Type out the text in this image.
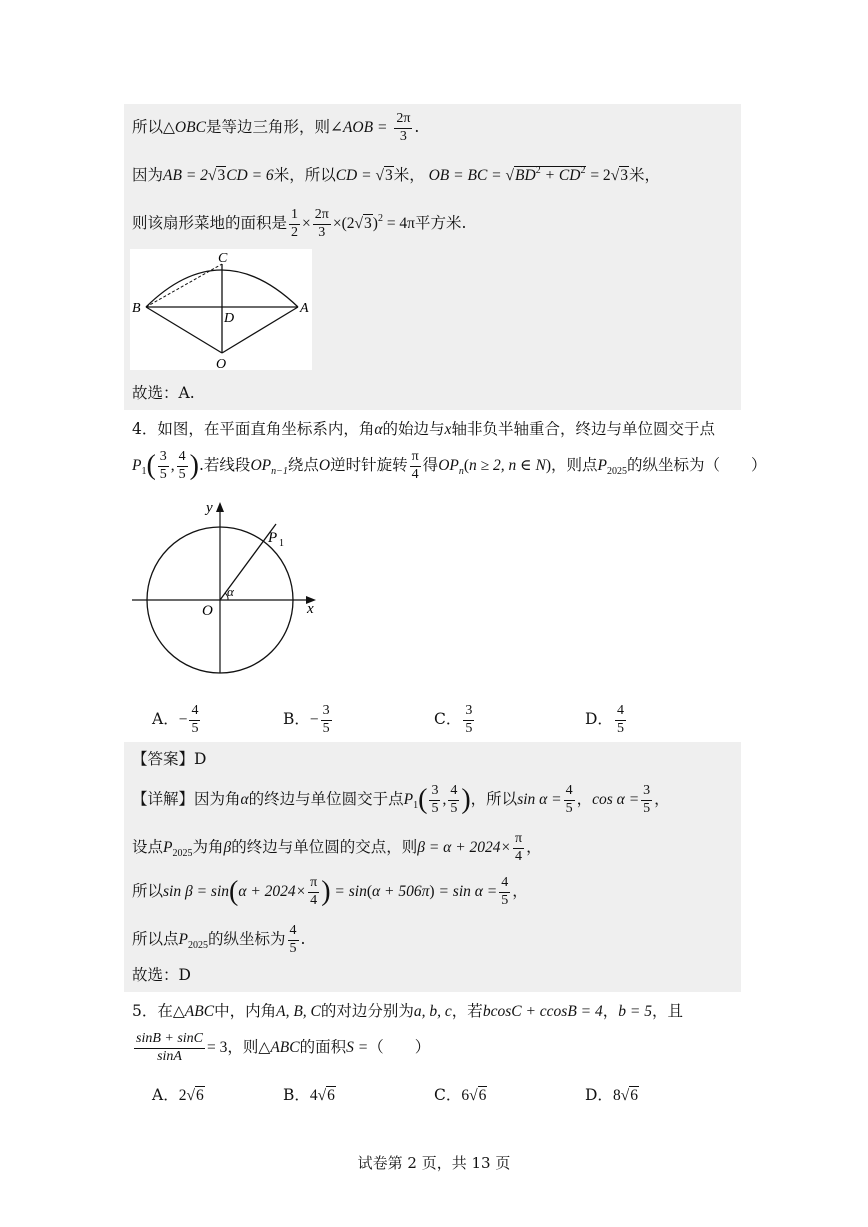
所以△OBC是等边三角形，则∠AOB = $\frac{2\pi}{3}$ .
因为AB = 2√3CD = 6米，所以CD = √3米， OB = BC = $√BD^2 + CD^2 = 2√3$米，
则该扇形菜地的面积是 $\frac{1}{2} \times \frac{2\pi}{3} \times(2√3)^2 = 4\pi$平方米.
C
B	A
D
O
故选：A.
4．如图，在平面直角坐标系内，角α的始边与x轴非负半轴重合，终边与单位圆交于点
$P_1( \frac{3}{5}$ , $\frac{4}{5}$ ).若线段$OP_{n-1}$绕点O逆时针旋转 $\frac{\pi}{4}$ 得$OP_n(n \ge 2$, n ∈ N)，则点$P_{2025}$的纵坐标为（　　）
y
x
O
P 1
α
A．− $\frac{4}{5}$	B．− $\frac{3}{5}$	C． $\frac{3}{5}$	D． $\frac{4}{5}$
【答案】D
【详解】因为角α的终边与单位圆交于点$P_1( \frac{3}{5}$ , $\frac{4}{5}$ )，所以$\sin \alpha = \frac{4}{5}$ ，$\cos \alpha = \frac{3}{5}$ ，
设点$P_{2025}$为角β的终边与单位圆的交点，则$\beta = \alpha + 2024\times \frac{\pi}{4}$ ，
所以$\sin \beta = \sin(\alpha + 2024\times \frac{\pi}{4}$ ) = $\sin(\alpha + 506\pi) = \sin \alpha = \frac{4}{5}$ ，
所以点$P_{2025}$的纵坐标为 $\frac{4}{5}$ .
故选：D
5．在△ABC中，内角A, B, C的对边分别为a, b, c，若bcosC + ccosB = 4，b = 5，且
$\frac{\sin B + \sin C}{\sin A} = 3$，则△ABC的面积S =（　　）
A．2√6	B．4√6	C．6√6	D．8√6
试卷第 2 页，共 13 页
